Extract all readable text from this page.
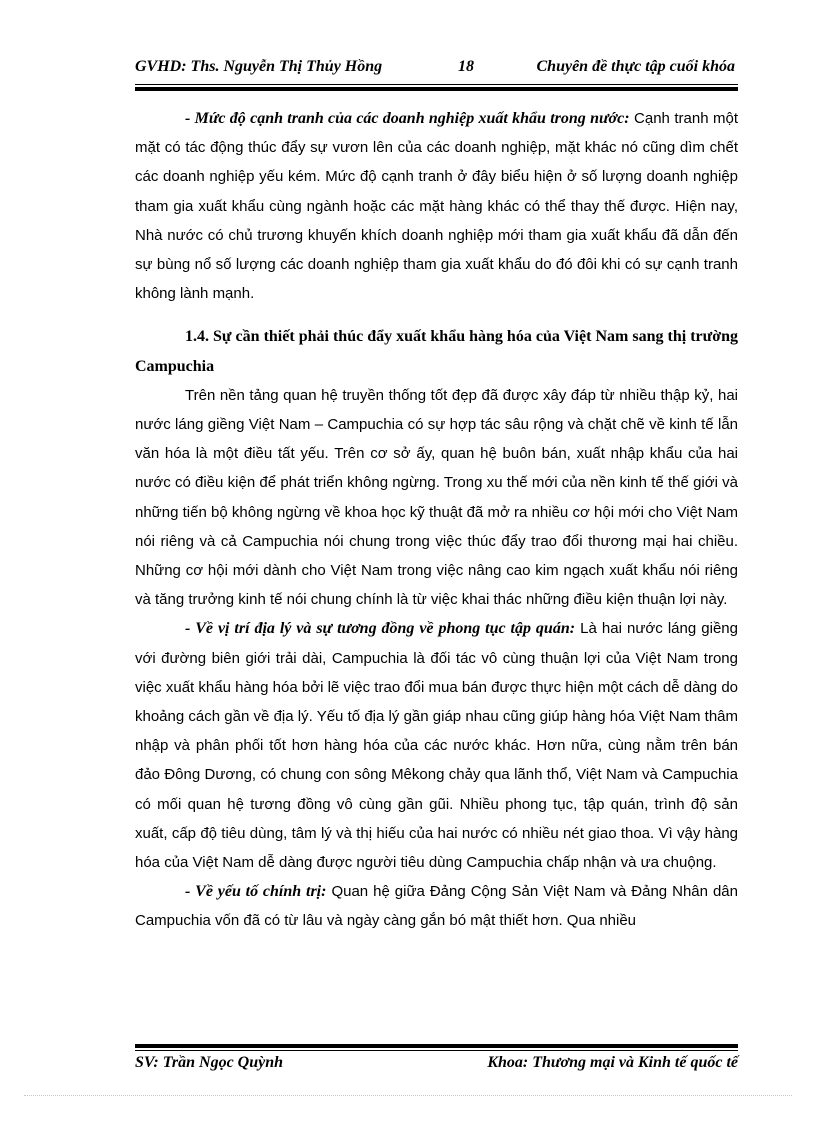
GVHD: Ths. Nguyễn Thị Thủy Hồng	18	Chuyên đề thực tập cuối khóa

- Mức độ cạnh tranh của các doanh nghiệp xuất khẩu trong nước: Cạnh tranh một mặt có tác động thúc đẩy sự vươn lên của các doanh nghiệp, mặt khác nó cũng dìm chết các doanh nghiệp yếu kém. Mức độ cạnh tranh ở đây biểu hiện ở số lượng doanh nghiệp tham gia xuất khẩu cùng ngành hoặc các mặt hàng khác có thể thay thế được. Hiện nay, Nhà nước có chủ trương khuyến khích doanh nghiệp mới tham gia xuất khẩu đã dẫn đến sự bùng nổ số lượng các doanh nghiệp tham gia xuất khẩu do đó đôi khi có sự cạnh tranh không lành mạnh.

1.4. Sự cần thiết phải thúc đẩy xuất khẩu hàng hóa của Việt Nam sang thị trường Campuchia

Trên nền tảng quan hệ truyền thống tốt đẹp đã được xây đáp từ nhiều thập kỷ, hai nước láng giềng Việt Nam – Campuchia có sự hợp tác sâu rộng và chặt chẽ về kinh tế lẫn văn hóa là một điều tất yếu. Trên cơ sở ấy, quan hệ buôn bán, xuất nhập khẩu của hai nước có điều kiện để phát triển không ngừng. Trong xu thế mới của nền kinh tế thế giới và những tiến bộ không ngừng về khoa học kỹ thuật đã mở ra nhiều cơ hội mới cho Việt Nam nói riêng và cả Campuchia nói chung trong việc thúc đẩy trao đổi thương mại hai chiều. Những cơ hội mới dành cho Việt Nam trong việc nâng cao kim ngạch xuất khẩu nói riêng và tăng trưởng kinh tế nói chung chính là từ việc khai thác những điều kiện thuận lợi này.

- Về vị trí địa lý và sự tương đồng về phong tục tập quán: Là hai nước láng giềng với đường biên giới trải dài, Campuchia là đối tác vô cùng thuận lợi của Việt Nam trong việc xuất khẩu hàng hóa bởi lẽ việc trao đổi mua bán được thực hiện một cách dễ dàng do khoảng cách gần về địa lý. Yếu tố địa lý gần giáp nhau cũng giúp hàng hóa Việt Nam thâm nhập và phân phối tốt hơn hàng hóa của các nước khác. Hơn nữa, cùng nằm trên bán đảo Đông Dương, có chung con sông Mêkong chảy qua lãnh thổ, Việt Nam và Campuchia có mối quan hệ tương đồng vô cùng gần gũi. Nhiều phong tục, tập quán, trình độ sản xuất, cấp độ tiêu dùng, tâm lý và thị hiếu của hai nước có nhiều nét giao thoa. Vì vậy hàng hóa của Việt Nam dễ dàng được người tiêu dùng Campuchia chấp nhận và ưa chuộng.

- Về yếu tố chính trị: Quan hệ giữa Đảng Cộng Sản Việt Nam và Đảng Nhân dân Campuchia vốn đã có từ lâu và ngày càng gắn bó mật thiết hơn. Qua nhiều

SV: Trần Ngọc Quỳnh	Khoa: Thương mại và Kinh tế quốc tế
